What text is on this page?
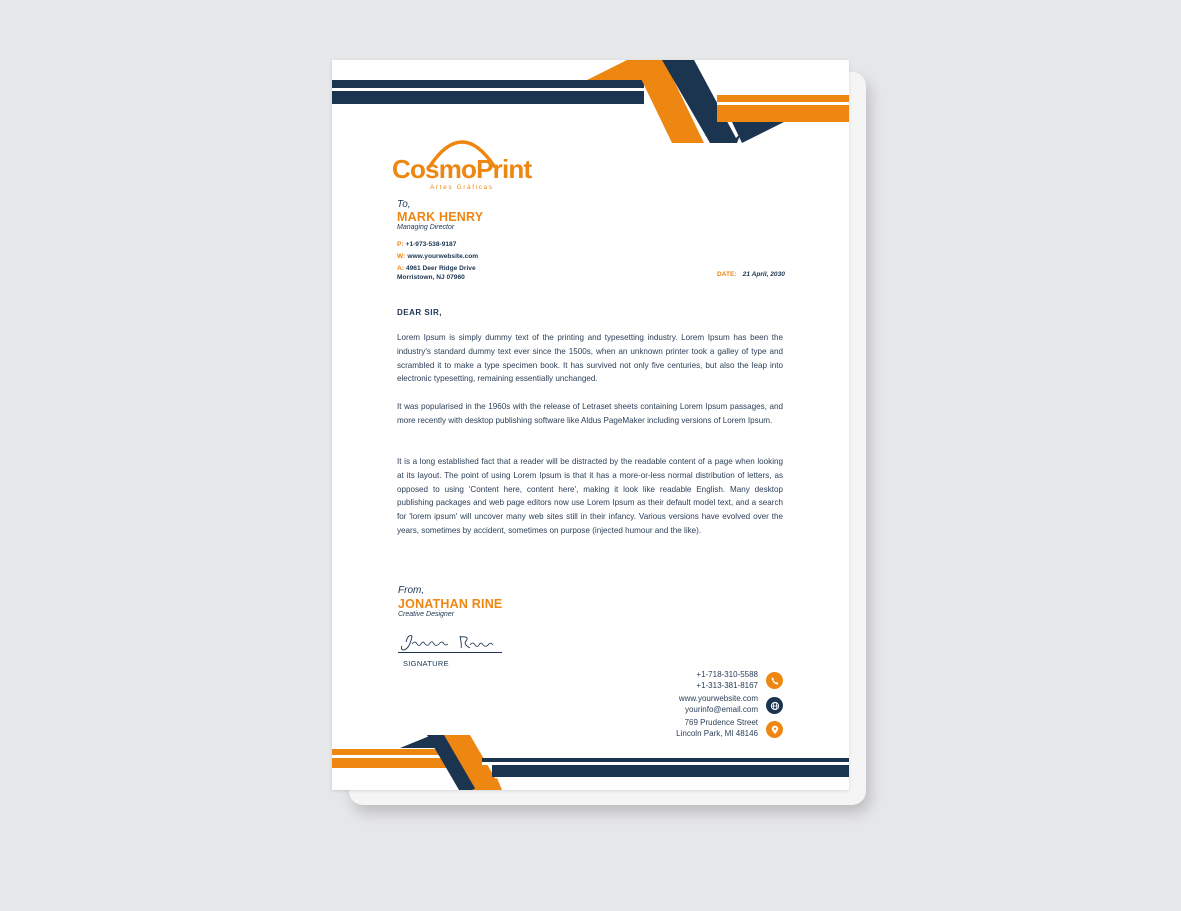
CosmoPrint
Artes Gráficas
To,
MARK HENRY
Managing Director
P: +1-973-538-9187
W: www.yourwebsite.com
A: 4961 Deer Ridge Drive
Morristown, NJ 07960	DATE: 21 April, 2030
DEAR SIR,

Lorem Ipsum is simply dummy text of the printing and typesetting industry. Lorem Ipsum has been the industry's standard dummy text ever since the 1500s, when an unknown printer took a galley of type and scrambled it to make a type specimen book. It has survived not only five centuries, but also the leap into electronic typesetting, remaining essentially unchanged.

It was popularised in the 1960s with the release of Letraset sheets containing Lorem Ipsum passages, and more recently with desktop publishing software like Aldus PageMaker including versions of Lorem Ipsum.

It is a long established fact that a reader will be distracted by the readable content of a page when looking at its layout. The point of using Lorem Ipsum is that it has a more-or-less normal distribution of letters, as opposed to using 'Content here, content here', making it look like readable English. Many desktop publishing packages and web page editors now use Lorem Ipsum as their default model text, and a search for 'lorem ipsum' will uncover many web sites still in their infancy. Various versions have evolved over the years, sometimes by accident, sometimes on purpose (injected humour and the like).

From,
JONATHAN RINE
Creative Designer
SIGNATURE
+1-718-310-5588
+1-313-381-8167
www.yourwebsite.com
yourinfo@email.com
769 Prudence Street
Lincoln Park, MI 48146
